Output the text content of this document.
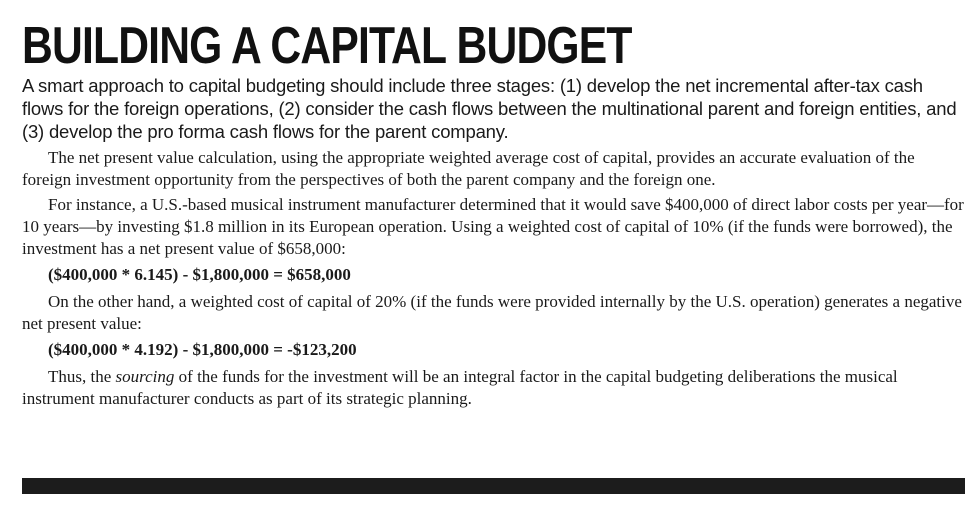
BUILDING A CAPITAL BUDGET

A smart approach to capital budgeting should include three stages: (1) develop the net incremental after-tax cash flows for the foreign operations, (2) consider the cash flows between the multinational parent and foreign entities, and (3) develop the pro forma cash flows for the parent company.

The net present value calculation, using the appropriate weighted average cost of capital, provides an accurate evaluation of the foreign investment opportunity from the perspectives of both the parent company and the foreign one.

For instance, a U.S.-based musical instrument manufacturer determined that it would save $400,000 of direct labor costs per year—for 10 years—by investing $1.8 million in its European operation. Using a weighted cost of capital of 10% (if the funds were borrowed), the investment has a net present value of $658,000:

($400,000 * 6.145) - $1,800,000 = $658,000

On the other hand, a weighted cost of capital of 20% (if the funds were provided internally by the U.S. operation) generates a negative net present value:

($400,000 * 4.192) - $1,800,000 = -$123,200

Thus, the sourcing of the funds for the investment will be an integral factor in the capital budgeting deliberations the musical instrument manufacturer conducts as part of its strategic planning.
